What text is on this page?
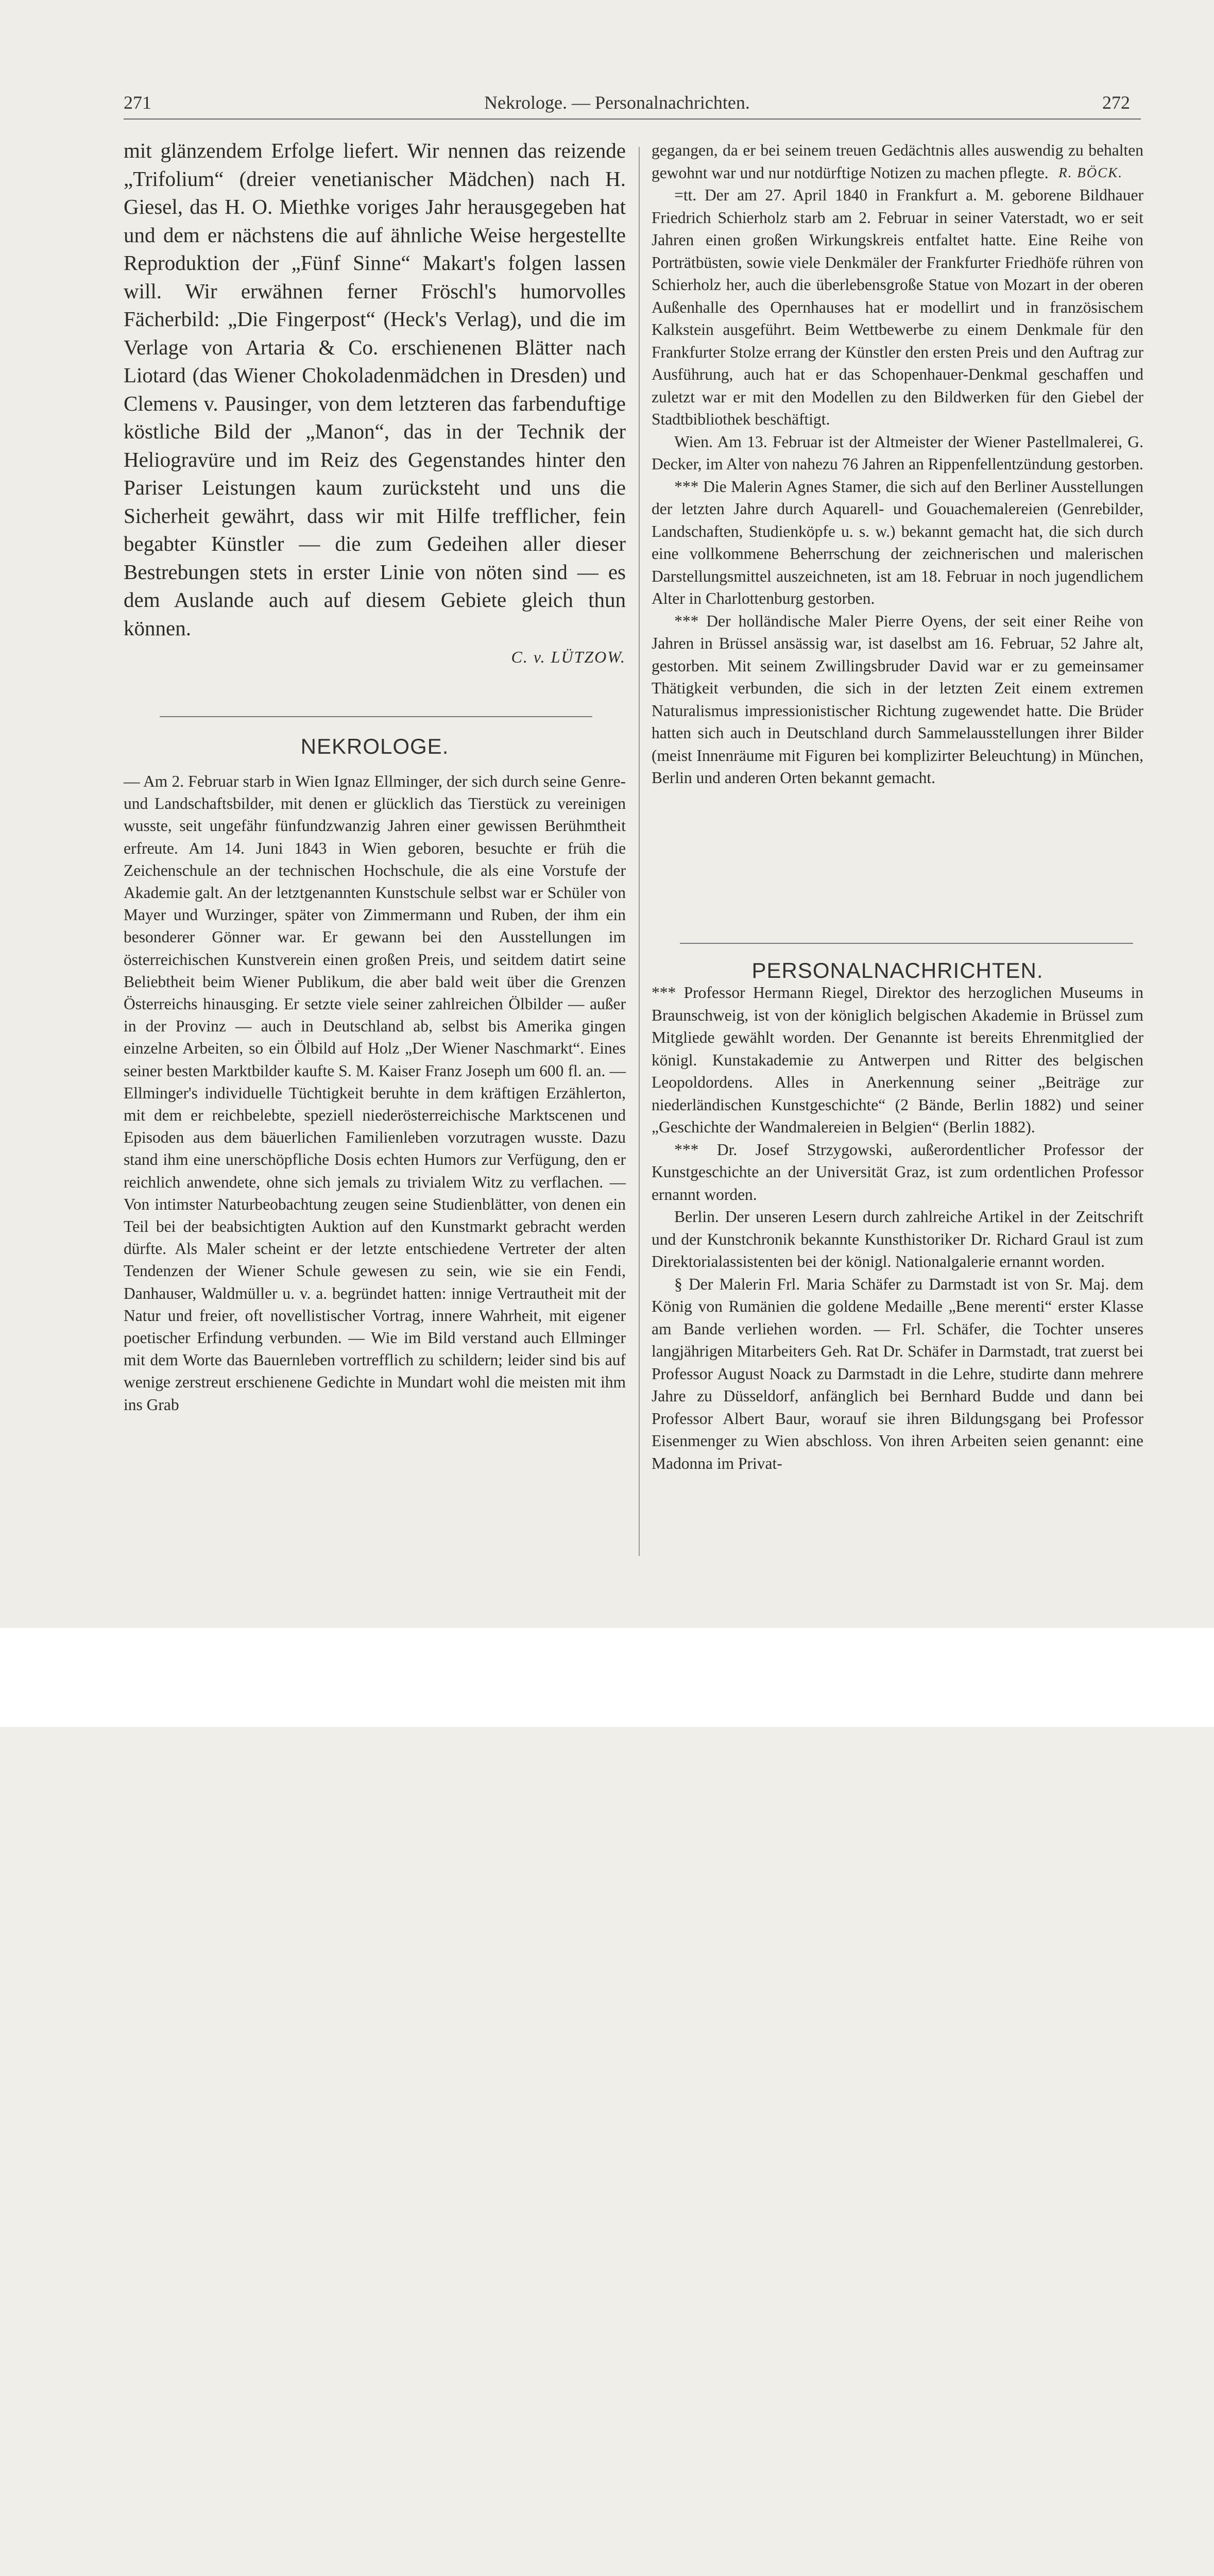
271	Nekrologe. — Personalnachrichten.	272

mit glänzendem Erfolge liefert. Wir nennen das reizende „Trifolium“ (dreier venetianischer Mädchen) nach H. Giesel, das H. O. Miethke voriges Jahr herausgegeben hat und dem er nächstens die auf ähnliche Weise hergestellte Reproduktion der „Fünf Sinne“ Makart's folgen lassen will. Wir erwähnen ferner Fröschl's humorvolles Fächerbild: „Die Fingerpost“ (Heck's Verlag), und die im Verlage von Artaria & Co. erschienenen Blätter nach Liotard (das Wiener Chokoladenmädchen in Dresden) und Clemens v. Pausinger, von dem letzteren das farbenduftige köstliche Bild der „Manon“, das in der Technik der Heliogravüre und im Reiz des Gegenstandes hinter den Pariser Leistungen kaum zurücksteht und uns die Sicherheit gewährt, dass wir mit Hilfe trefflicher, fein begabter Künstler — die zum Gedeihen aller dieser Bestrebungen stets in erster Linie von nöten sind — es dem Auslande auch auf diesem Gebiete gleich thun können.

C. v. LÜTZOW.

NEKROLOGE.

— Am 2. Februar starb in Wien Ignaz Ellminger, der sich durch seine Genre- und Landschaftsbilder, mit denen er glücklich das Tierstück zu vereinigen wusste, seit ungefähr fünfundzwanzig Jahren einer gewissen Berühmtheit erfreute. Am 14. Juni 1843 in Wien geboren, besuchte er früh die Zeichenschule an der technischen Hochschule, die als eine Vorstufe der Akademie galt. An der letztgenannten Kunstschule selbst war er Schüler von Mayer und Wurzinger, später von Zimmermann und Ruben, der ihm ein besonderer Gönner war. Er gewann bei den Ausstellungen im österreichischen Kunstverein einen großen Preis, und seitdem datirt seine Beliebtheit beim Wiener Publikum, die aber bald weit über die Grenzen Österreichs hinausging. Er setzte viele seiner zahlreichen Ölbilder — außer in der Provinz — auch in Deutschland ab, selbst bis Amerika gingen einzelne Arbeiten, so ein Ölbild auf Holz „Der Wiener Naschmarkt“. Eines seiner besten Marktbilder kaufte S. M. Kaiser Franz Joseph um 600 fl. an. — Ellminger's individuelle Tüchtigkeit beruhte in dem kräftigen Erzählerton, mit dem er reichbelebte, speziell niederösterreichische Marktscenen und Episoden aus dem bäuerlichen Familienleben vorzutragen wusste. Dazu stand ihm eine unerschöpfliche Dosis echten Humors zur Verfügung, den er reichlich anwendete, ohne sich jemals zu trivialem Witz zu verflachen. — Von intimster Naturbeobachtung zeugen seine Studienblätter, von denen ein Teil bei der beabsichtigten Auktion auf den Kunstmarkt gebracht werden dürfte. Als Maler scheint er der letzte entschiedene Vertreter der alten Tendenzen der Wiener Schule gewesen zu sein, wie sie ein Fendi, Danhauser, Waldmüller u. v. a. begründet hatten: innige Vertrautheit mit der Natur und freier, oft novellistischer Vortrag, innere Wahrheit, mit eigener poetischer Erfindung verbunden. — Wie im Bild verstand auch Ellminger mit dem Worte das Bauernleben vortrefflich zu schildern; leider sind bis auf wenige zerstreut erschienene Gedichte in Mundart wohl die meisten mit ihm ins Grab

gegangen, da er bei seinem treuen Gedächtnis alles auswendig zu behalten gewohnt war und nur notdürftige Notizen zu machen pflegte. R. BÖCK.

=tt. Der am 27. April 1840 in Frankfurt a. M. geborene Bildhauer Friedrich Schierholz starb am 2. Februar in seiner Vaterstadt, wo er seit Jahren einen großen Wirkungskreis entfaltet hatte. Eine Reihe von Porträtbüsten, sowie viele Denkmäler der Frankfurter Friedhöfe rühren von Schierholz her, auch die überlebensgroße Statue von Mozart in der oberen Außenhalle des Opernhauses hat er modellirt und in französischem Kalkstein ausgeführt. Beim Wettbewerbe zu einem Denkmale für den Frankfurter Stolze errang der Künstler den ersten Preis und den Auftrag zur Ausführung, auch hat er das Schopenhauer-Denkmal geschaffen und zuletzt war er mit den Modellen zu den Bildwerken für den Giebel der Stadtbibliothek beschäftigt.

Wien. Am 13. Februar ist der Altmeister der Wiener Pastellmalerei, G. Decker, im Alter von nahezu 76 Jahren an Rippenfellentzündung gestorben.

*** Die Malerin Agnes Stamer, die sich auf den Berliner Ausstellungen der letzten Jahre durch Aquarell- und Gouachemalereien (Genrebilder, Landschaften, Studienköpfe u. s. w.) bekannt gemacht hat, die sich durch eine vollkommene Beherrschung der zeichnerischen und malerischen Darstellungsmittel auszeichneten, ist am 18. Februar in noch jugendlichem Alter in Charlottenburg gestorben.

*** Der holländische Maler Pierre Oyens, der seit einer Reihe von Jahren in Brüssel ansässig war, ist daselbst am 16. Februar, 52 Jahre alt, gestorben. Mit seinem Zwillingsbruder David war er zu gemeinsamer Thätigkeit verbunden, die sich in der letzten Zeit einem extremen Naturalismus impressionistischer Richtung zugewendet hatte. Die Brüder hatten sich auch in Deutschland durch Sammelausstellungen ihrer Bilder (meist Innenräume mit Figuren bei komplizirter Beleuchtung) in München, Berlin und anderen Orten bekannt gemacht.

PERSONALNACHRICHTEN.

*** Professor Hermann Riegel, Direktor des herzoglichen Museums in Braunschweig, ist von der königlich belgischen Akademie in Brüssel zum Mitgliede gewählt worden. Der Genannte ist bereits Ehrenmitglied der königl. Kunstakademie zu Antwerpen und Ritter des belgischen Leopoldordens. Alles in Anerkennung seiner „Beiträge zur niederländischen Kunstgeschichte“ (2 Bände, Berlin 1882) und seiner „Geschichte der Wandmalereien in Belgien“ (Berlin 1882).

*** Dr. Josef Strzygowski, außerordentlicher Professor der Kunstgeschichte an der Universität Graz, ist zum ordentlichen Professor ernannt worden.

Berlin. Der unseren Lesern durch zahlreiche Artikel in der Zeitschrift und der Kunstchronik bekannte Kunsthistoriker Dr. Richard Graul ist zum Direktorialassistenten bei der königl. Nationalgalerie ernannt worden.

§ Der Malerin Frl. Maria Schäfer zu Darmstadt ist von Sr. Maj. dem König von Rumänien die goldene Medaille „Bene merenti“ erster Klasse am Bande verliehen worden. — Frl. Schäfer, die Tochter unseres langjährigen Mitarbeiters Geh. Rat Dr. Schäfer in Darmstadt, trat zuerst bei Professor August Noack zu Darmstadt in die Lehre, studirte dann mehrere Jahre zu Düsseldorf, anfänglich bei Bernhard Budde und dann bei Professor Albert Baur, worauf sie ihren Bildungsgang bei Professor Eisenmenger zu Wien abschloss. Von ihren Arbeiten seien genannt: eine Madonna im Privat-
